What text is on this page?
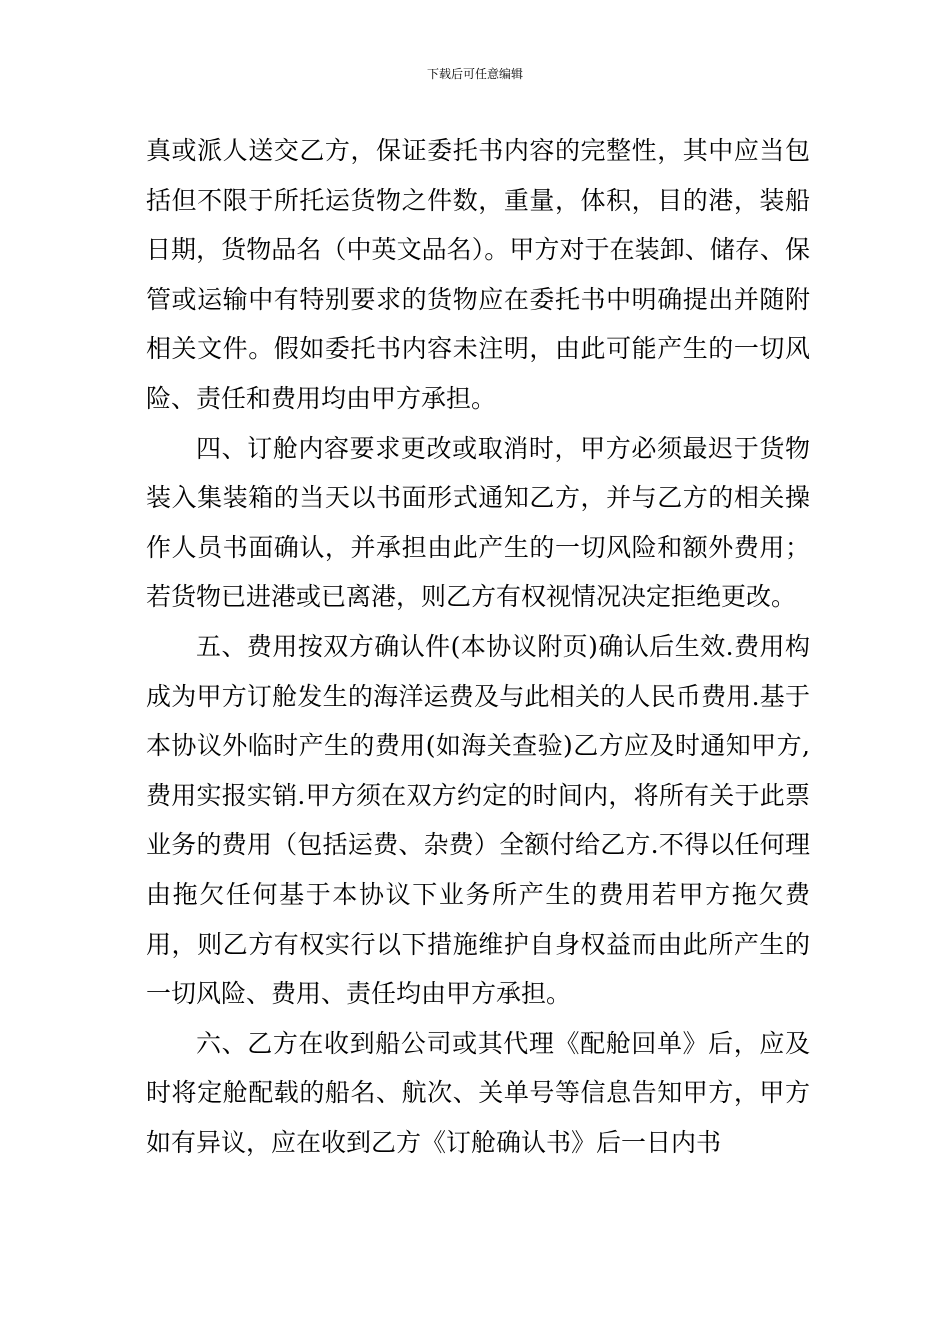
下载后可任意编辑

真或派人送交乙方，保证委托书内容的完整性，其中应当包括但不限于所托运货物之件数，重量，体积，目的港，装船日期，货物品名（中英文品名）。甲方对于在装卸、储存、保管或运输中有特别要求的货物应在委托书中明确提出并随附相关文件。假如委托书内容未注明，由此可能产生的一切风险、责任和费用均由甲方承担。

四、订舱内容要求更改或取消时，甲方必须最迟于货物装入集装箱的当天以书面形式通知乙方，并与乙方的相关操作人员书面确认，并承担由此产生的一切风险和额外费用；若货物已进港或已离港，则乙方有权视情况决定拒绝更改。

五、费用按双方确认件(本协议附页)确认后生效.费用构成为甲方订舱发生的海洋运费及与此相关的人民币费用.基于本协议外临时产生的费用(如海关查验)乙方应及时通知甲方,费用实报实销.甲方须在双方约定的时间内，将所有关于此票业务的费用（包括运费、杂费）全额付给乙方.不得以任何理由拖欠任何基于本协议下业务所产生的费用若甲方拖欠费用，则乙方有权实行以下措施维护自身权益而由此所产生的一切风险、费用、责任均由甲方承担。

六、乙方在收到船公司或其代理《配舱回单》后，应及时将定舱配载的船名、航次、关单号等信息告知甲方，甲方如有异议，应在收到乙方《订舱确认书》后一日内书
